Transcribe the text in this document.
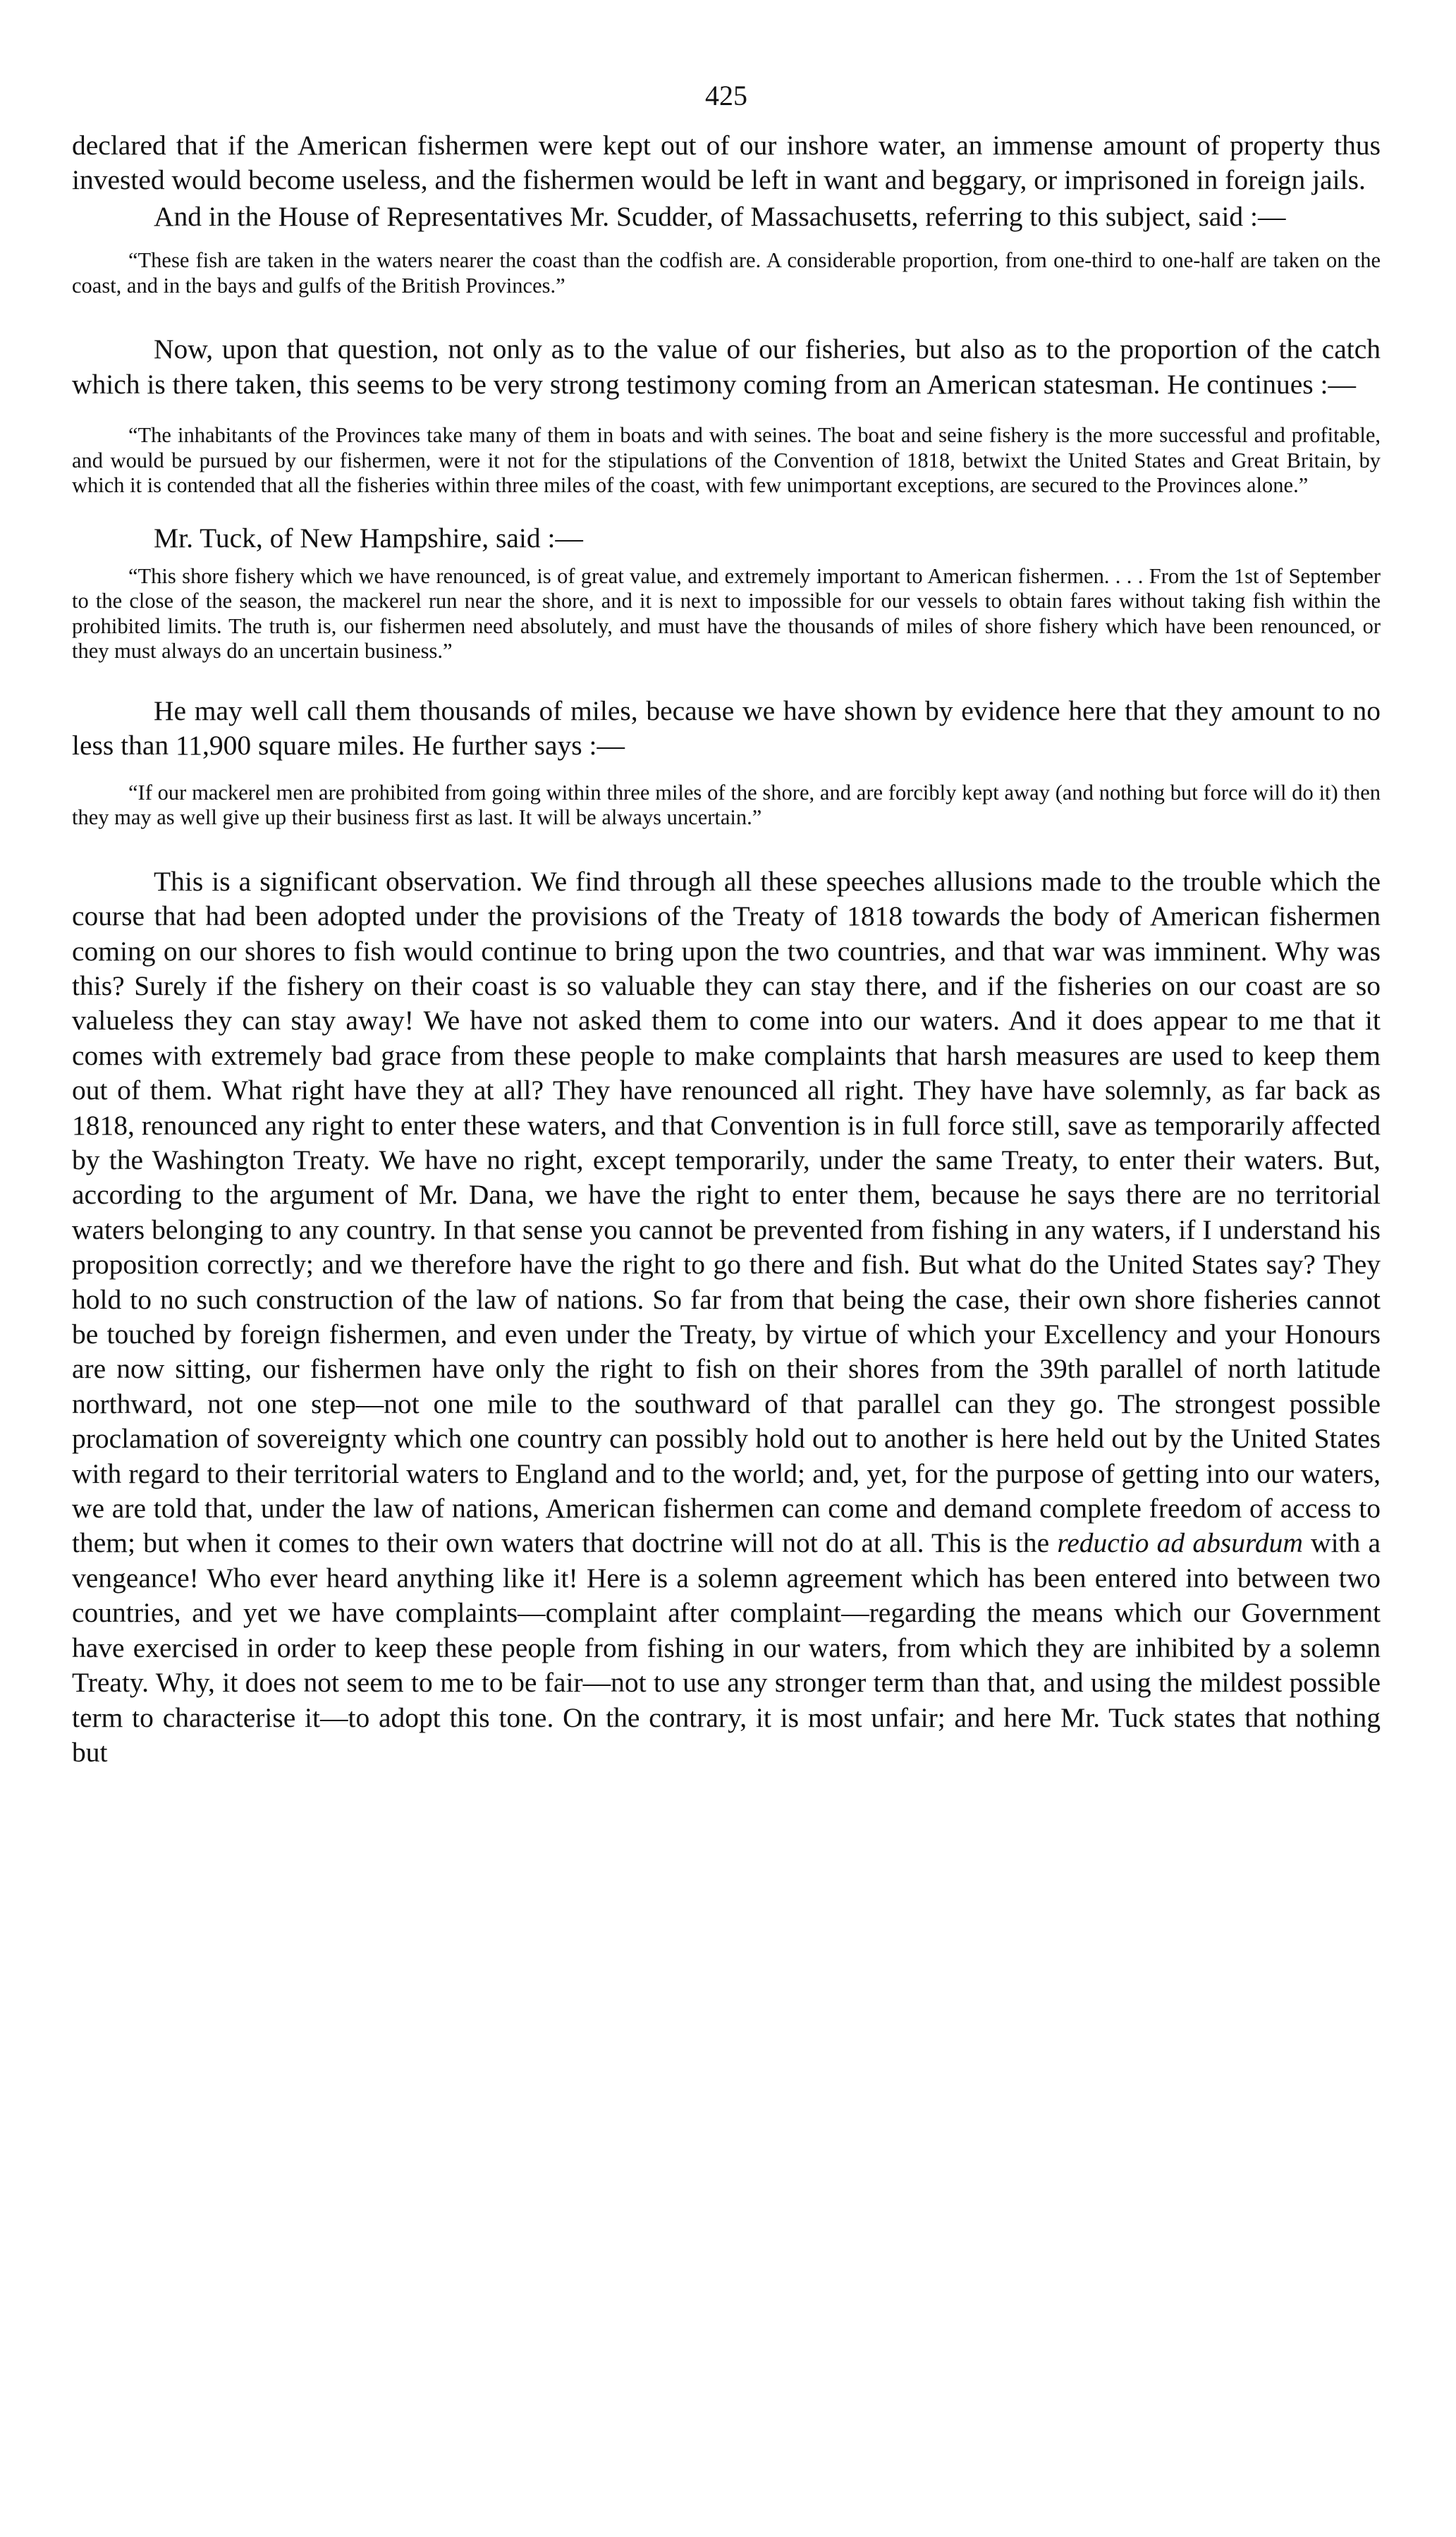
425

declared that if the American fishermen were kept out of our inshore water, an immense amount of property thus invested would become useless, and the fishermen would be left in want and beggary, or imprisoned in foreign jails.

And in the House of Representatives Mr. Scudder, of Massachusetts, referring to this subject, said :—

“These fish are taken in the waters nearer the coast than the codfish are. A considerable proportion, from one-third to one-half are taken on the coast, and in the bays and gulfs of the British Provinces.”

Now, upon that question, not only as to the value of our fisheries, but also as to the proportion of the catch which is there taken, this seems to be very strong testimony coming from an American statesman. He continues :—

“The inhabitants of the Provinces take many of them in boats and with seines. The boat and seine fishery is the more successful and profitable, and would be pursued by our fishermen, were it not for the stipulations of the Convention of 1818, betwixt the United States and Great Britain, by which it is contended that all the fisheries within three miles of the coast, with few unimportant exceptions, are secured to the Provinces alone.”

Mr. Tuck, of New Hampshire, said :—

“This shore fishery which we have renounced, is of great value, and extremely important to American fishermen. . . . From the 1st of September to the close of the season, the mackerel run near the shore, and it is next to impossible for our vessels to obtain fares without taking fish within the prohibited limits. The truth is, our fishermen need absolutely, and must have the thousands of miles of shore fishery which have been renounced, or they must always do an uncertain business.”

He may well call them thousands of miles, because we have shown by evidence here that they amount to no less than 11,900 square miles. He further says :—

“If our mackerel men are prohibited from going within three miles of the shore, and are forcibly kept away (and nothing but force will do it) then they may as well give up their business first as last. It will be always uncertain.”

This is a significant observation. We find through all these speeches allusions made to the trouble which the course that had been adopted under the provisions of the Treaty of 1818 towards the body of American fishermen coming on our shores to fish would continue to bring upon the two countries, and that war was imminent. Why was this? Surely if the fishery on their coast is so valuable they can stay there, and if the fisheries on our coast are so valueless they can stay away! We have not asked them to come into our waters. And it does appear to me that it comes with extremely bad grace from these people to make complaints that harsh measures are used to keep them out of them. What right have they at all? They have renounced all right. They have have solemnly, as far back as 1818, renounced any right to enter these waters, and that Convention is in full force still, save as temporarily affected by the Washington Treaty. We have no right, except temporarily, under the same Treaty, to enter their waters. But, according to the argument of Mr. Dana, we have the right to enter them, because he says there are no territorial waters belonging to any country. In that sense you cannot be prevented from fishing in any waters, if I understand his proposition correctly; and we therefore have the right to go there and fish. But what do the United States say? They hold to no such construction of the law of nations. So far from that being the case, their own shore fisheries cannot be touched by foreign fishermen, and even under the Treaty, by virtue of which your Excellency and your Honours are now sitting, our fishermen have only the right to fish on their shores from the 39th parallel of north latitude northward, not one step—not one mile to the southward of that parallel can they go. The strongest possible proclamation of sovereignty which one country can possibly hold out to another is here held out by the United States with regard to their territorial waters to England and to the world; and, yet, for the purpose of getting into our waters, we are told that, under the law of nations, American fishermen can come and demand complete freedom of access to them; but when it comes to their own waters that doctrine will not do at all. This is the reductio ad absurdum with a vengeance! Who ever heard anything like it! Here is a solemn agreement which has been entered into between two countries, and yet we have complaints—complaint after complaint—regarding the means which our Government have exercised in order to keep these people from fishing in our waters, from which they are inhibited by a solemn Treaty. Why, it does not seem to me to be fair—not to use any stronger term than that, and using the mildest possible term to characterise it—to adopt this tone. On the contrary, it is most unfair; and here Mr. Tuck states that nothing but
